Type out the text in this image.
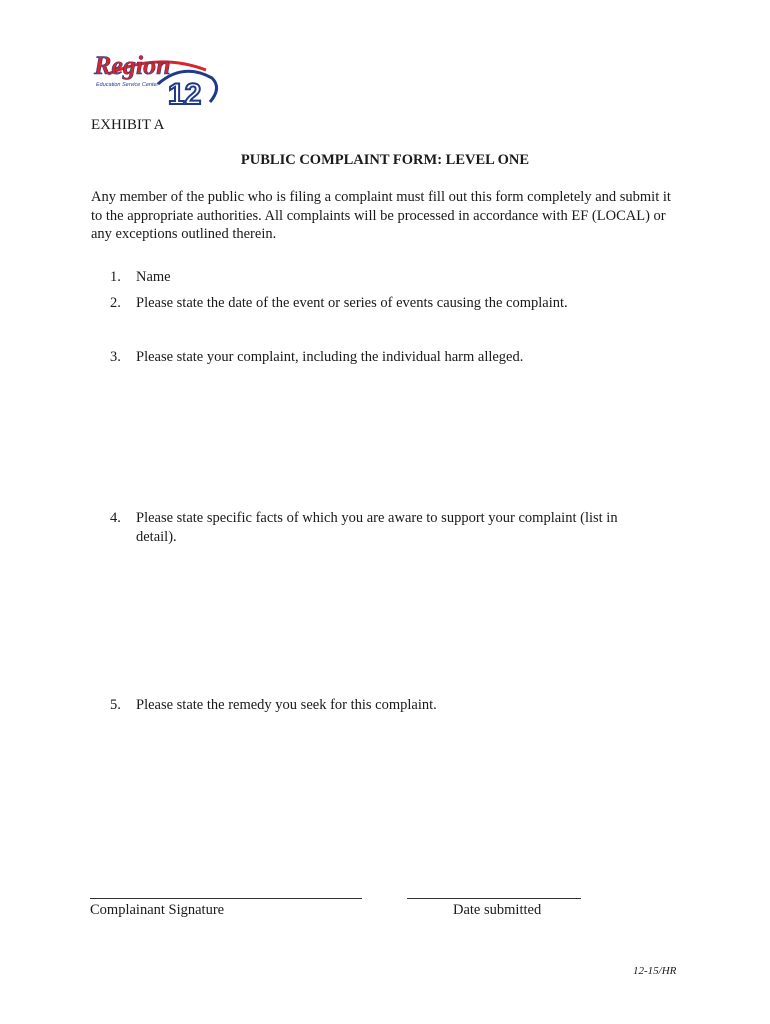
Region
Education Service Center 12
EXHIBIT A
PUBLIC COMPLAINT FORM: LEVEL ONE
Any member of the public who is filing a complaint must fill out this form completely and submit it to the appropriate authorities. All complaints will be processed in accordance with EF (LOCAL) or any exceptions outlined therein.
1. Name
2. Please state the date of the event or series of events causing the complaint.
3. Please state your complaint, including the individual harm alleged.
4. Please state specific facts of which you are aware to support your complaint (list in detail).
5. Please state the remedy you seek for this complaint.
Complainant Signature	Date submitted
12-15/HR
